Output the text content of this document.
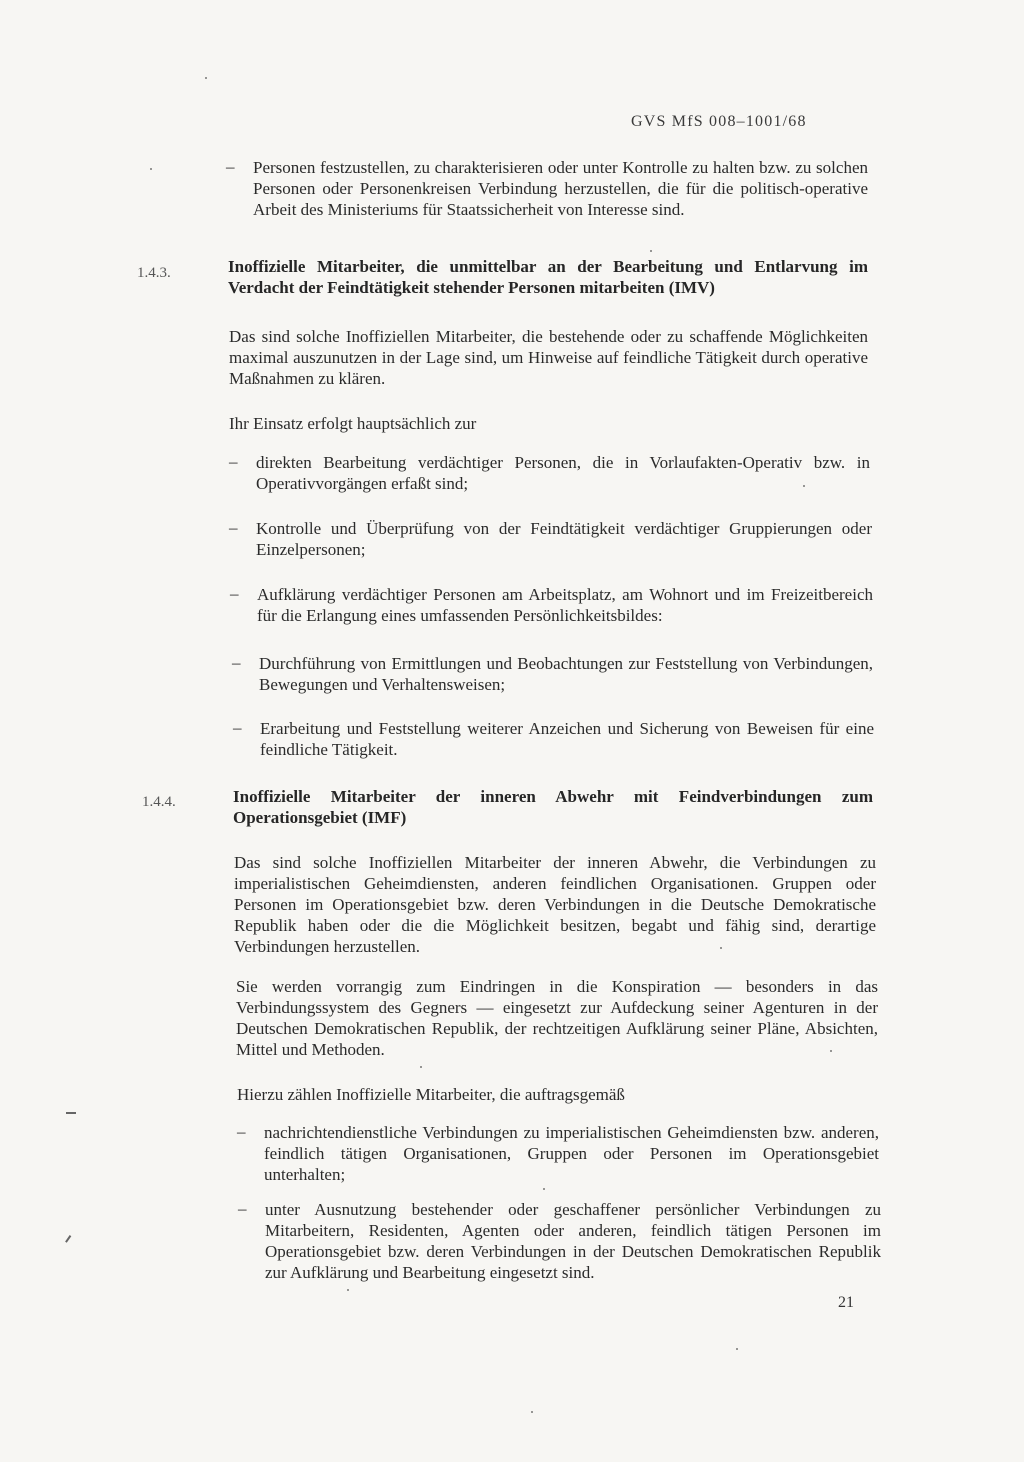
GVS MfS 008–1001/68
– Personen festzustellen, zu charakterisieren oder unter Kontrolle zu halten bzw. zu solchen Personen oder Personenkreisen Verbindung herzustellen, die für die politisch-operative Arbeit des Ministeriums für Staatssicherheit von Interesse sind.
1.4.3.	Inoffizielle Mitarbeiter, die unmittelbar an der Bearbeitung und Entlarvung im Verdacht der Feindtätigkeit stehender Personen mitarbeiten (IMV)

Das sind solche Inoffiziellen Mitarbeiter, die bestehende oder zu schaffende Möglichkeiten maximal auszunutzen in der Lage sind, um Hinweise auf feindliche Tätigkeit durch operative Maßnahmen zu klären.

Ihr Einsatz erfolgt hauptsächlich zur

– direkten Bearbeitung verdächtiger Personen, die in Vorlaufakten-Operativ bzw. in Operativvorgängen erfaßt sind;
– Kontrolle und Überprüfung von der Feindtätigkeit verdächtiger Gruppierungen oder Einzelpersonen;
– Aufklärung verdächtiger Personen am Arbeitsplatz, am Wohnort und im Freizeitbereich für die Erlangung eines umfassenden Persönlichkeitsbildes:
– Durchführung von Ermittlungen und Beobachtungen zur Feststellung von Verbindungen, Bewegungen und Verhaltensweisen;
– Erarbeitung und Feststellung weiterer Anzeichen und Sicherung von Beweisen für eine feindliche Tätigkeit.
1.4.4.	Inoffizielle Mitarbeiter der inneren Abwehr mit Feindverbindungen zum Operationsgebiet (IMF)

Das sind solche Inoffiziellen Mitarbeiter der inneren Abwehr, die Verbindungen zu imperialistischen Geheimdiensten, anderen feindlichen Organisationen. Gruppen oder Personen im Operationsgebiet bzw. deren Verbindungen in die Deutsche Demokratische Republik haben oder die die Möglichkeit besitzen, begabt und fähig sind, derartige Verbindungen herzustellen.

Sie werden vorrangig zum Eindringen in die Konspiration — besonders in das Verbindungssystem des Gegners — eingesetzt zur Aufdeckung seiner Agenturen in der Deutschen Demokratischen Republik, der rechtzeitigen Aufklärung seiner Pläne, Absichten, Mittel und Methoden.

Hierzu zählen Inoffizielle Mitarbeiter, die auftragsgemäß

– nachrichtendienstliche Verbindungen zu imperialistischen Geheimdiensten bzw. anderen, feindlich tätigen Organisationen, Gruppen oder Personen im Operationsgebiet unterhalten;
– unter Ausnutzung bestehender oder geschaffener persönlicher Verbindungen zu Mitarbeitern, Residenten, Agenten oder anderen, feindlich tätigen Personen im Operationsgebiet bzw. deren Verbindungen in der Deutschen Demokratischen Republik zur Aufklärung und Bearbeitung eingesetzt sind.
21
